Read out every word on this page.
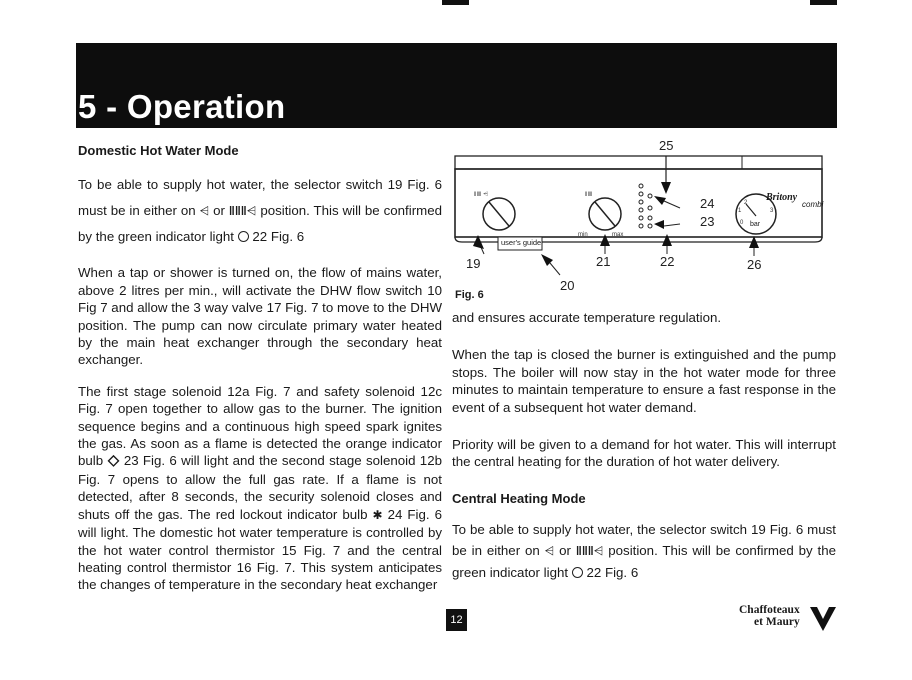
5 - Operation
Domestic Hot Water Mode

To be able to supply hot water, the selector switch 19 Fig. 6 must be in either on ⩤ or ǁǁǁ⩤ position. This will be confirmed by the green indicator light 22 Fig. 6

When a tap or shower is turned on, the flow of mains water, above 2 litres per min., will activate the DHW flow switch 10 Fig 7 and allow the 3 way valve 17 Fig. 7 to move to the DHW position. The pump can now circulate primary water heated by the main heat exchanger through the secondary heat exchanger.

The first stage solenoid 12a Fig. 7 and safety solenoid 12c Fig. 7 open together to allow gas to the burner. The ignition sequence begins and a continuous high speed spark ignites the gas. As soon as a flame is detected the orange indicator bulb 🮮 23 Fig. 6 will light and the second stage solenoid 12b Fig. 7 opens to allow the full gas rate. If a flame is not detected, after 8 seconds, the security solenoid closes and shuts off the gas. The red lockout indicator bulb ✱ 24 Fig. 6 will light. The domestic hot water temperature is controlled by the hot water control thermistor 15 Fig. 7 and the central heating control thermistor 16 Fig. 7. This system anticipates the changes of temperature in the secondary heat exchanger

ǁǁǁ ⩤	ǁǁǁ
min	max
2
1	3
0
25
24
23
19	21	22	26
20
user's guide
Britony
combi
bar
Fig. 6

and ensures accurate temperature regulation.

When the tap is closed the burner is extinguished and the pump stops. The boiler will now stay in the hot water mode for three minutes to maintain temperature to ensure a fast response in the event of a subsequent hot water demand.

Priority will be given to a demand for hot water. This will interrupt the central heating for the duration of hot water delivery.

Central Heating Mode

To be able to supply hot water, the selector switch 19 Fig. 6 must be in either on ⩤ or ǁǁǁ⩤ position. This will be confirmed by the green indicator light 22 Fig. 6

12
Chaffoteaux
et Maury
